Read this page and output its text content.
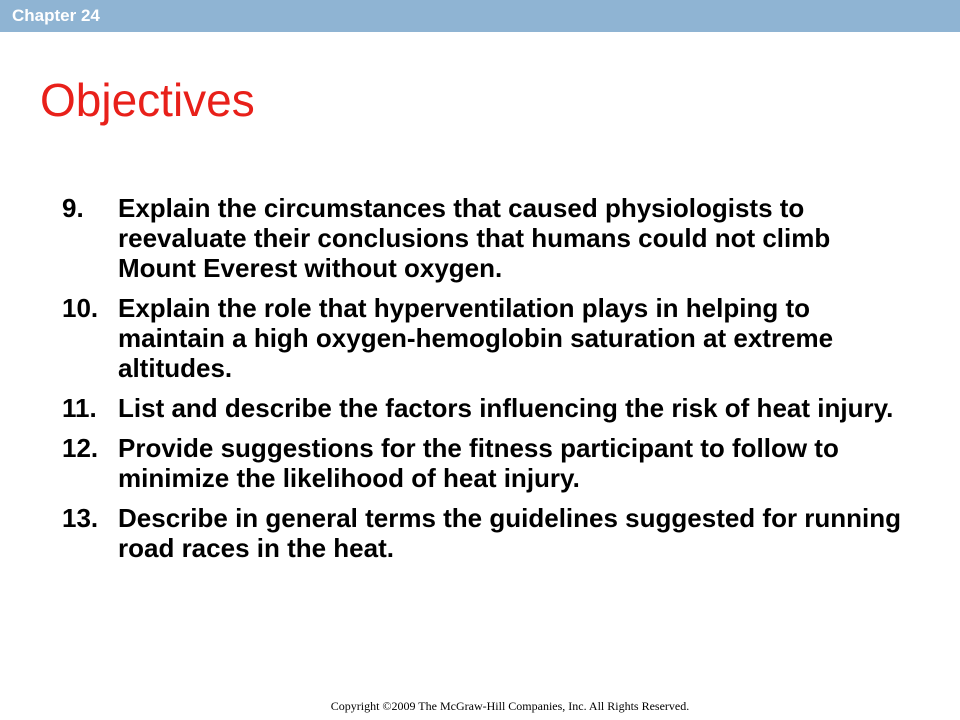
Chapter 24
Objectives
9.	Explain the circumstances that caused physiologists to reevaluate their conclusions that humans could not climb Mount Everest without oxygen.
10. Explain the role that hyperventilation plays in helping to maintain a high oxygen-hemoglobin saturation at extreme altitudes.
11. List and describe the factors influencing the risk of heat injury.
12. Provide suggestions for the fitness participant to follow to minimize the likelihood of heat injury.
13. Describe in general terms the guidelines suggested for running road races in the heat.
Copyright ©2009 The McGraw-Hill Companies, Inc. All Rights Reserved.
